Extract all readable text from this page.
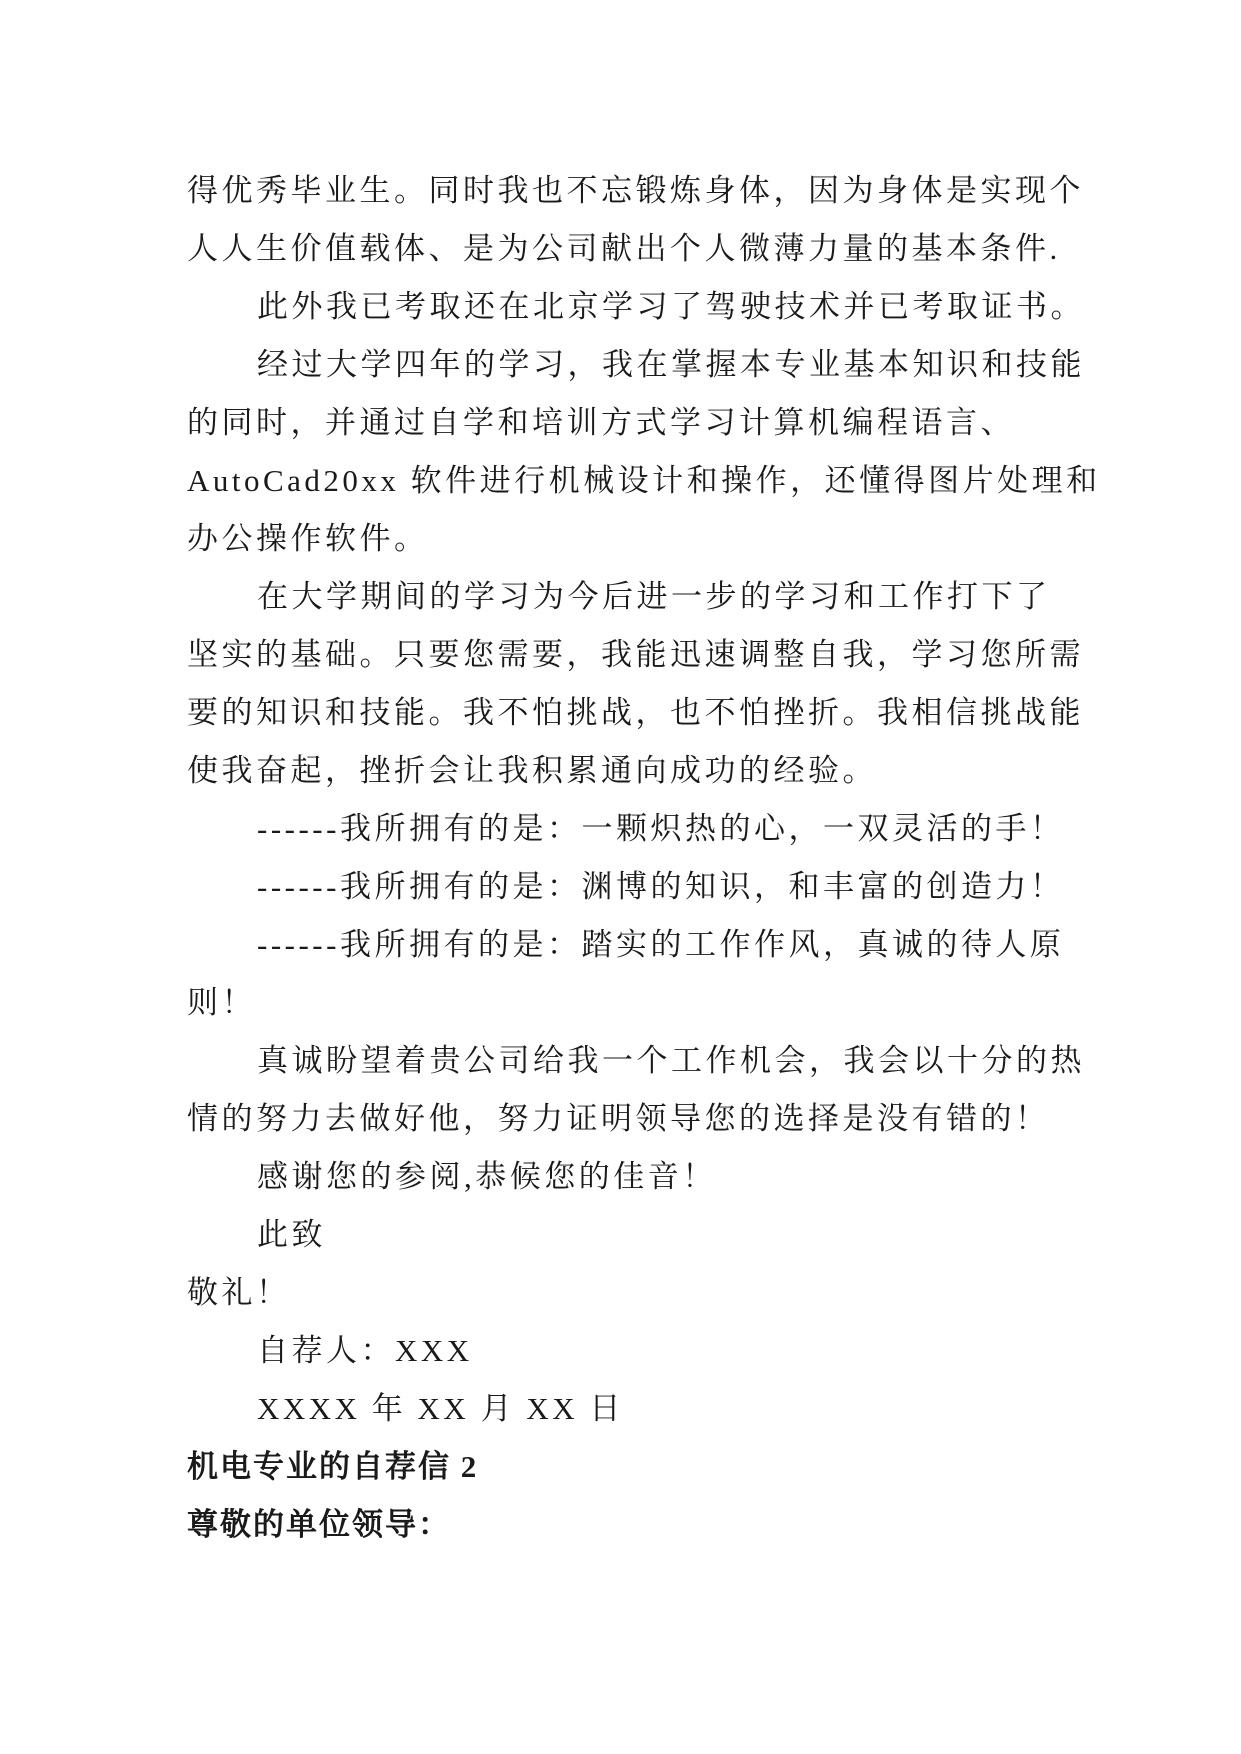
得优秀毕业生。同时我也不忘锻炼身体，因为身体是实现个
人人生价值载体、是为公司献出个人微薄力量的基本条件.
此外我已考取还在北京学习了驾驶技术并已考取证书。
经过大学四年的学习，我在掌握本专业基本知识和技能
的同时，并通过自学和培训方式学习计算机编程语言、
AutoCad20xx 软件进行机械设计和操作，还懂得图片处理和
办公操作软件。
在大学期间的学习为今后进一步的学习和工作打下了
坚实的基础。只要您需要，我能迅速调整自我，学习您所需
要的知识和技能。我不怕挑战，也不怕挫折。我相信挑战能
使我奋起，挫折会让我积累通向成功的经验。
------我所拥有的是：一颗炽热的心，一双灵活的手！
------我所拥有的是：渊博的知识，和丰富的创造力！
------我所拥有的是：踏实的工作作风，真诚的待人原
则！
真诚盼望着贵公司给我一个工作机会，我会以十分的热
情的努力去做好他，努力证明领导您的选择是没有错的！
感谢您的参阅,恭候您的佳音！
此致
敬礼！
自荐人：XXX
XXXX 年 XX 月 XX 日
机电专业的自荐信 2
尊敬的单位领导：
